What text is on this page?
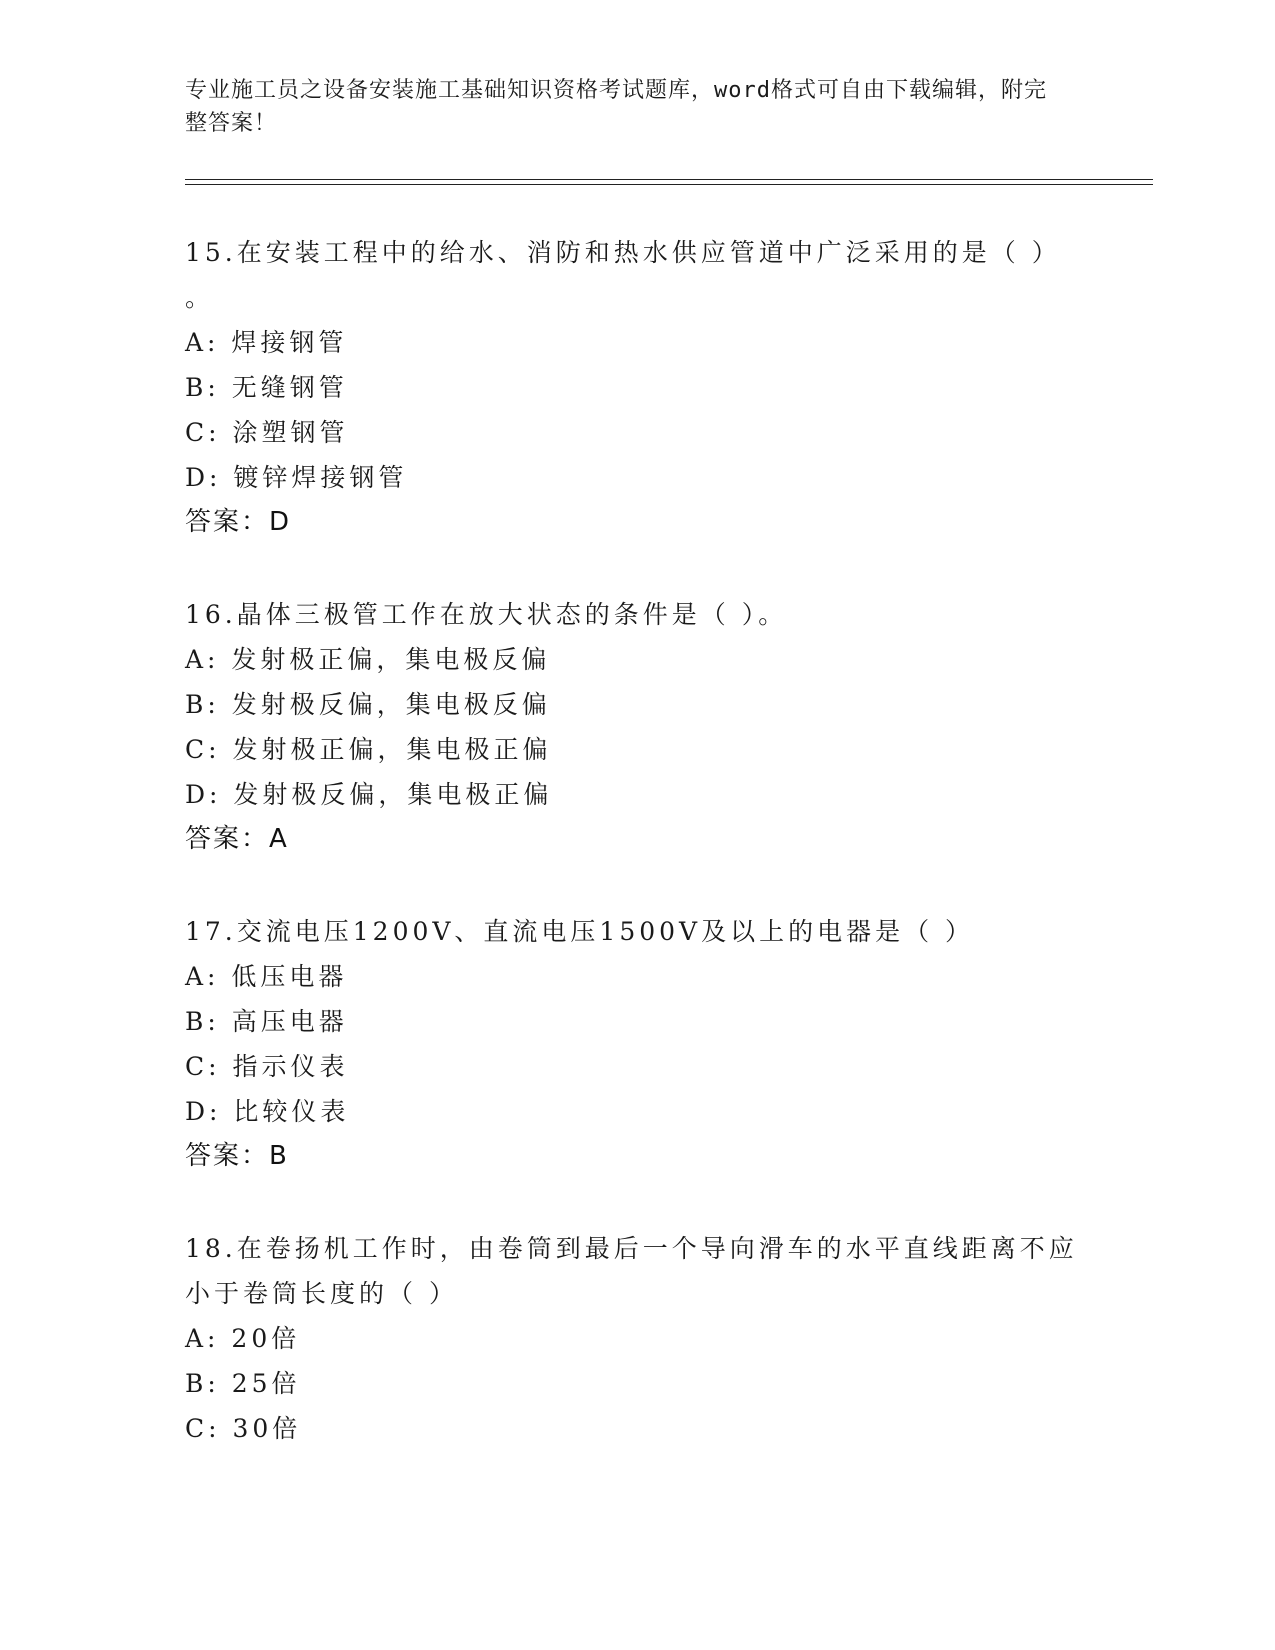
专业施工员之设备安装施工基础知识资格考试题库，word格式可自由下载编辑，附完整答案！

15.在安装工程中的给水、消防和热水供应管道中广泛采用的是（ ）

。

A: 焊接钢管

B: 无缝钢管

C: 涂塑钢管

D: 镀锌焊接钢管

答案：D

16.晶体三极管工作在放大状态的条件是（ ）。

A: 发射极正偏，集电极反偏

B: 发射极反偏，集电极反偏

C: 发射极正偏，集电极正偏

D: 发射极反偏，集电极正偏

答案：A

17.交流电压1200V、直流电压1500V及以上的电器是（ ）

A: 低压电器

B: 高压电器

C: 指示仪表

D: 比较仪表

答案：B

18.在卷扬机工作时，由卷筒到最后一个导向滑车的水平直线距离不应小于卷筒长度的（ ）

A: 20倍

B: 25倍

C: 30倍
